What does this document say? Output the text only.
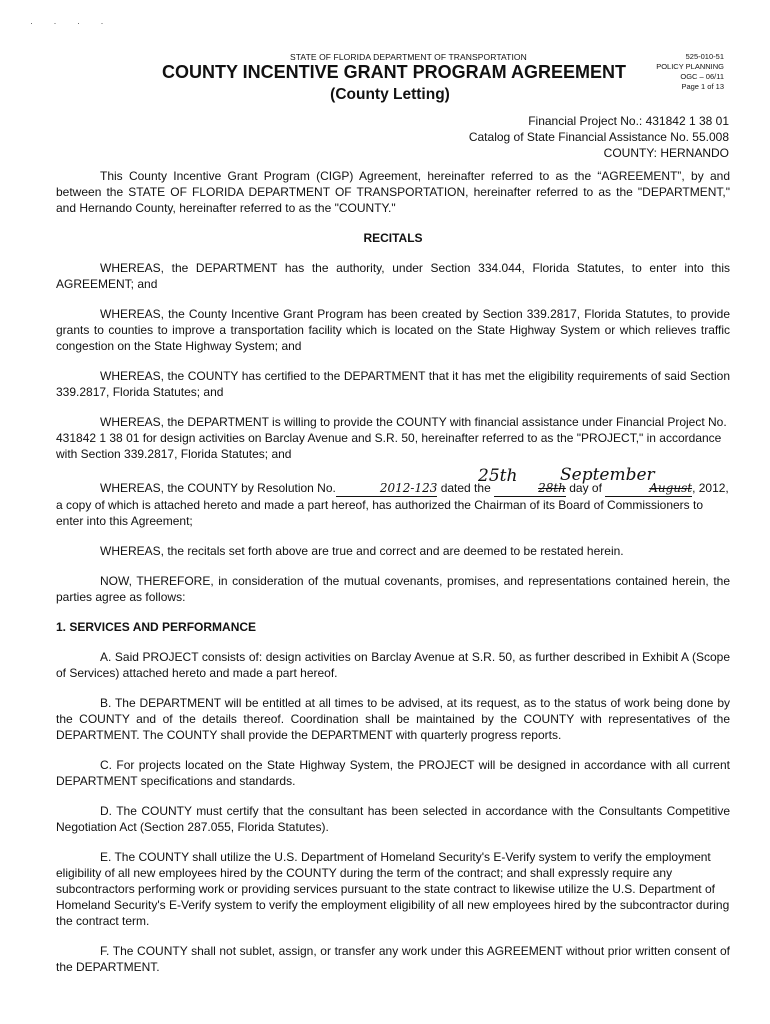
· · · ·
STATE OF FLORIDA DEPARTMENT OF TRANSPORTATION	525-010-51
POLICY PLANNING
OGC – 06/11
Page 1 of 13
COUNTY INCENTIVE GRANT PROGRAM AGREEMENT
(County Letting)
Financial Project No.: 431842 1 38 01
Catalog of State Financial Assistance No. 55.008
COUNTY: HERNANDO

This County Incentive Grant Program (CIGP) Agreement, hereinafter referred to as the “AGREEMENT”, by and between the STATE OF FLORIDA DEPARTMENT OF TRANSPORTATION, hereinafter referred to as the "DEPARTMENT," and Hernando County, hereinafter referred to as the "COUNTY."

RECITALS

WHEREAS, the DEPARTMENT has the authority, under Section 334.044, Florida Statutes, to enter into this AGREEMENT; and

WHEREAS, the County Incentive Grant Program has been created by Section 339.2817, Florida Statutes, to provide grants to counties to improve a transportation facility which is located on the State Highway System or which relieves traffic congestion on the State Highway System; and

WHEREAS, the COUNTY has certified to the DEPARTMENT that it has met the eligibility requirements of said Section 339.2817, Florida Statutes; and

WHEREAS, the DEPARTMENT is willing to provide the COUNTY with financial assistance under Financial Project No. 431842 1 38 01 for design activities on Barclay Avenue and S.R. 50, hereinafter referred to as the "PROJECT," in accordance with Section 339.2817, Florida Statutes; and

25th	September

WHEREAS, the COUNTY by Resolution No.	2012-123 dated the	28th day of	August, 2012, a copy of which is attached hereto and made a part hereof, has authorized the Chairman of its Board of Commissioners to enter into this Agreement;

WHEREAS, the recitals set forth above are true and correct and are deemed to be restated herein.

NOW, THEREFORE, in consideration of the mutual covenants, promises, and representations contained herein, the parties agree as follows:

1. SERVICES AND PERFORMANCE

A. Said PROJECT consists of: design activities on Barclay Avenue at S.R. 50, as further described in Exhibit A (Scope of Services) attached hereto and made a part hereof.

B. The DEPARTMENT will be entitled at all times to be advised, at its request, as to the status of work being done by the COUNTY and of the details thereof. Coordination shall be maintained by the COUNTY with representatives of the DEPARTMENT. The COUNTY shall provide the DEPARTMENT with quarterly progress reports.

C. For projects located on the State Highway System, the PROJECT will be designed in accordance with all current DEPARTMENT specifications and standards.

D. The COUNTY must certify that the consultant has been selected in accordance with the Consultants Competitive Negotiation Act (Section 287.055, Florida Statutes).

E. The COUNTY shall utilize the U.S. Department of Homeland Security's E-Verify system to verify the employment eligibility of all new employees hired by the COUNTY during the term of the contract; and shall expressly require any subcontractors performing work or providing services pursuant to the state contract to likewise utilize the U.S. Department of Homeland Security's E-Verify system to verify the employment eligibility of all new employees hired by the subcontractor during the contract term.

F. The COUNTY shall not sublet, assign, or transfer any work under this AGREEMENT without prior written consent of the DEPARTMENT.
